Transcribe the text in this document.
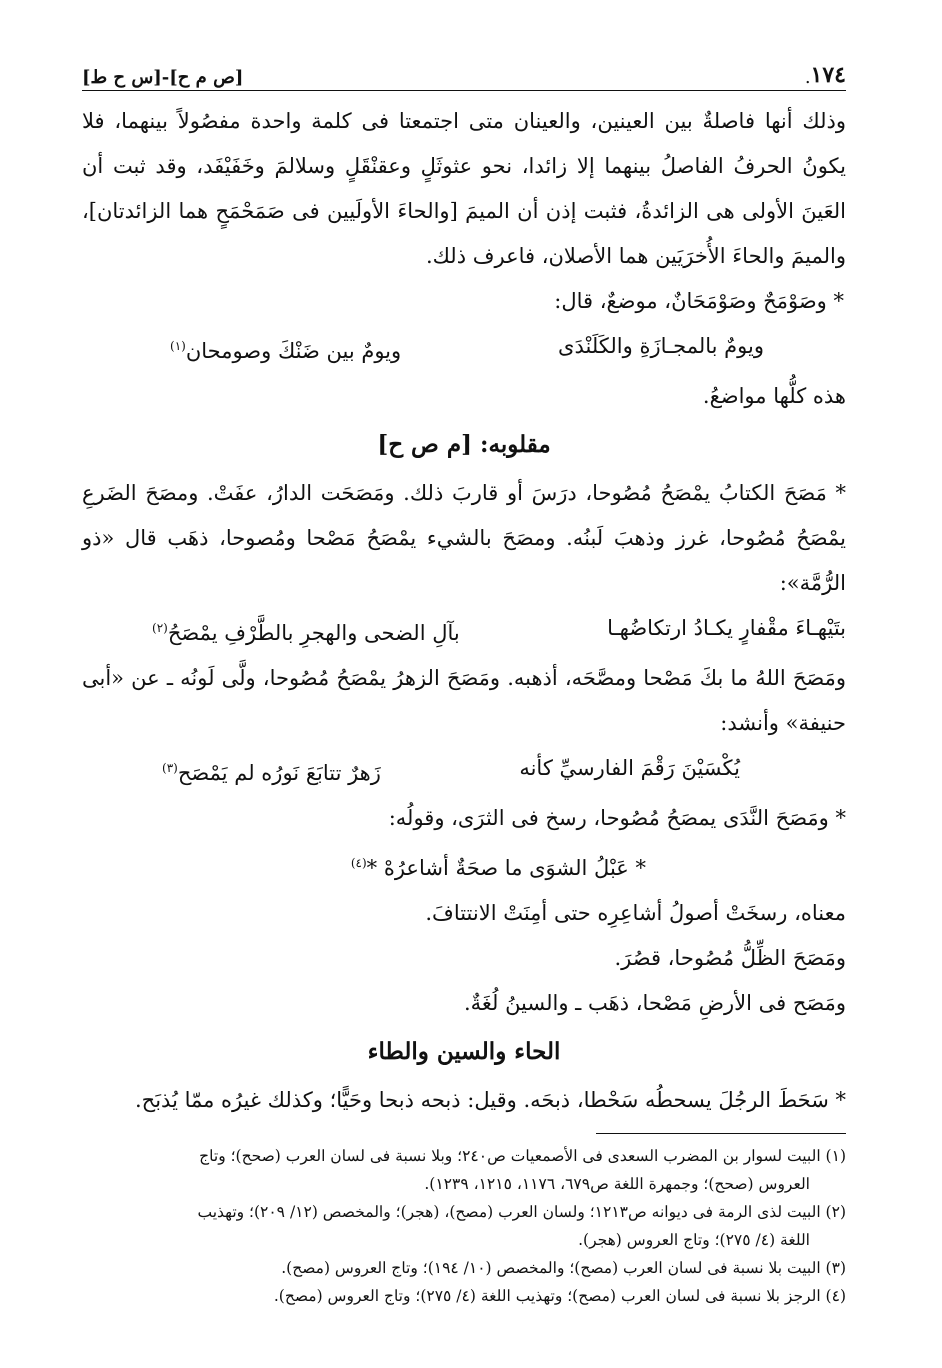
١٧٤
.
[ص م ح]-[س ح ط]

وذلك أنها فاصلةٌ بين العينين، والعينان متى اجتمعتا فى كلمة واحدة مفصُولاً بينهما، فلا يكونُ الحرفُ الفاصلُ بينهما إلا زائدا، نحو عثوثَلٍ وعقنْقَلٍ وسلالمَ وخَفَيْفَد، وقد ثبت أن العَينَ الأولى هى الزائدةُ، فثبت إذن أن الميمَ [والحاءَ الأولَيين فى صَمَحْمَحٍ هما الزائدتان]، والميمَ والحاءَ الأُخرَيَين هما الأصلان، فاعرف ذلك.

* وصَوْمَحٌ وصَوْمَحَانٌ، موضعٌ، قال:

ويومٌ بالمجـازَةِ والكَلَنْدَى
ويومٌ بين ضَنْكَ وصومحان$^{(١)}$

هذه كلُّها مواضعُ.

مقلوبه: [م ص ح]

* مَصَحَ الكتابُ يمْصَحُ مُصُوحا، درَسَ أو قاربَ ذلك. ومَصَحَت الدارُ، عفَتْ. ومصَحَ الضَرعِ يمْصَحُ مُصُوحا، غرز وذهبَ لَبنُه. ومصَحَ بالشيء يمْصَحُ مَصْحا ومُصوحا، ذهَب قال «ذو الرُّمَّة»:

بتَيْهـاءَ مقْفارٍ يكـادُ ارتكاضُهـا
بآلِ الضحى والهجرِ بالطَّرْفِ يمْصَحُ$^{(٢)}$

ومَصَحَ اللهُ ما بكَ مَصْحا ومصَّحَه، أذهبه. ومَصَحَ الزهرُ يمْصَحُ مُصُوحا، ولَّى لَونُه ـ عن «أبى حنيفة» وأنشد:

يُكْسَيْنَ رَقْمَ الفارسيِّ كأنه
زَهرٌ تتابَعَ نَورُه لم يَمْصَح$^{(٣)}$

* ومَصَحَ النَّدَى يمصَحُ مُصُوحا، رسخ فى الثرَى، وقولُه:

* عَبْلُ الشوَى ما صحَةٌ أشاعرُهْ *$^{(٤)}$

معناه، رسخَتْ أصولُ أشاعِرِه حتى أمِنَتْ الانتتافَ.

ومَصَحَ الظِّلُّ مُصُوحا، قصُرَ.

ومَصَح فى الأرضِ مَصْحا، ذهَب ـ والسينُ لُغَةٌ.

الحاء والسين والطاء

* سَحَطَ الرجُلَ يسحطُه سَحْطا، ذبحَه. وقيل: ذبحه ذبحا وحَيًّا؛ وكذلك غيرُه ممّا يُذبَح.

(١) البيت لسوار بن المضرب السعدى فى الأصمعيات ص٢٤٠؛ وبلا نسبة فى لسان العرب (صحح)؛ وتاج

العروس (صحح)؛ وجمهرة اللغة ص٦٧٩، ١١٧٦، ١٢١٥، ١٢٣٩).

(٢) البيت لذى الرمة فى ديوانه ص١٢١٣؛ ولسان العرب (مصح)، (هجر)؛ والمخصص (١٢/ ٢٠٩)؛ وتهذيب

اللغة (٤/ ٢٧٥)؛ وتاج العروس (هجر).

(٣) البيت بلا نسبة فى لسان العرب (مصح)؛ والمخصص (١٠/ ١٩٤)؛ وتاج العروس (مصح).

(٤) الرجز بلا نسبة فى لسان العرب (مصح)؛ وتهذيب اللغة (٤/ ٢٧٥)؛ وتاج العروس (مصح).
